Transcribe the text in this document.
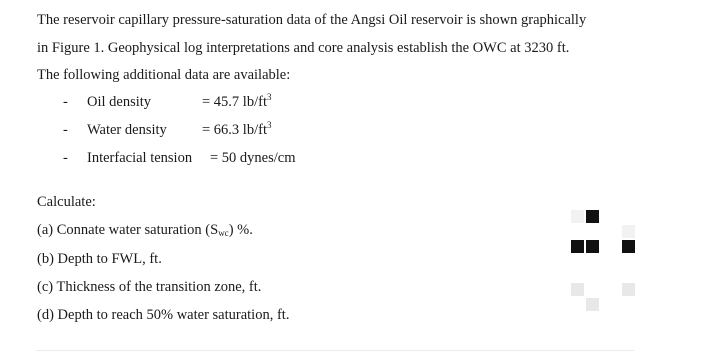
The reservoir capillary pressure-saturation data of the Angsi Oil reservoir is shown graphically
in Figure 1. Geophysical log interpretations and core analysis establish the OWC at 3230 ft.
The following additional data are available:
- Oil density	= 45.7 $lb/ft^3$
- Water density = 66.3 $lb/ft^3$
- Interfacial tension = 50 dynes/cm
Calculate:
(a) Connate water saturation $(S_{wc})$ %.
(b) Depth to FWL, ft.
(c) Thickness of the transition zone, ft.
(d) Depth to reach 50% water saturation, ft.
